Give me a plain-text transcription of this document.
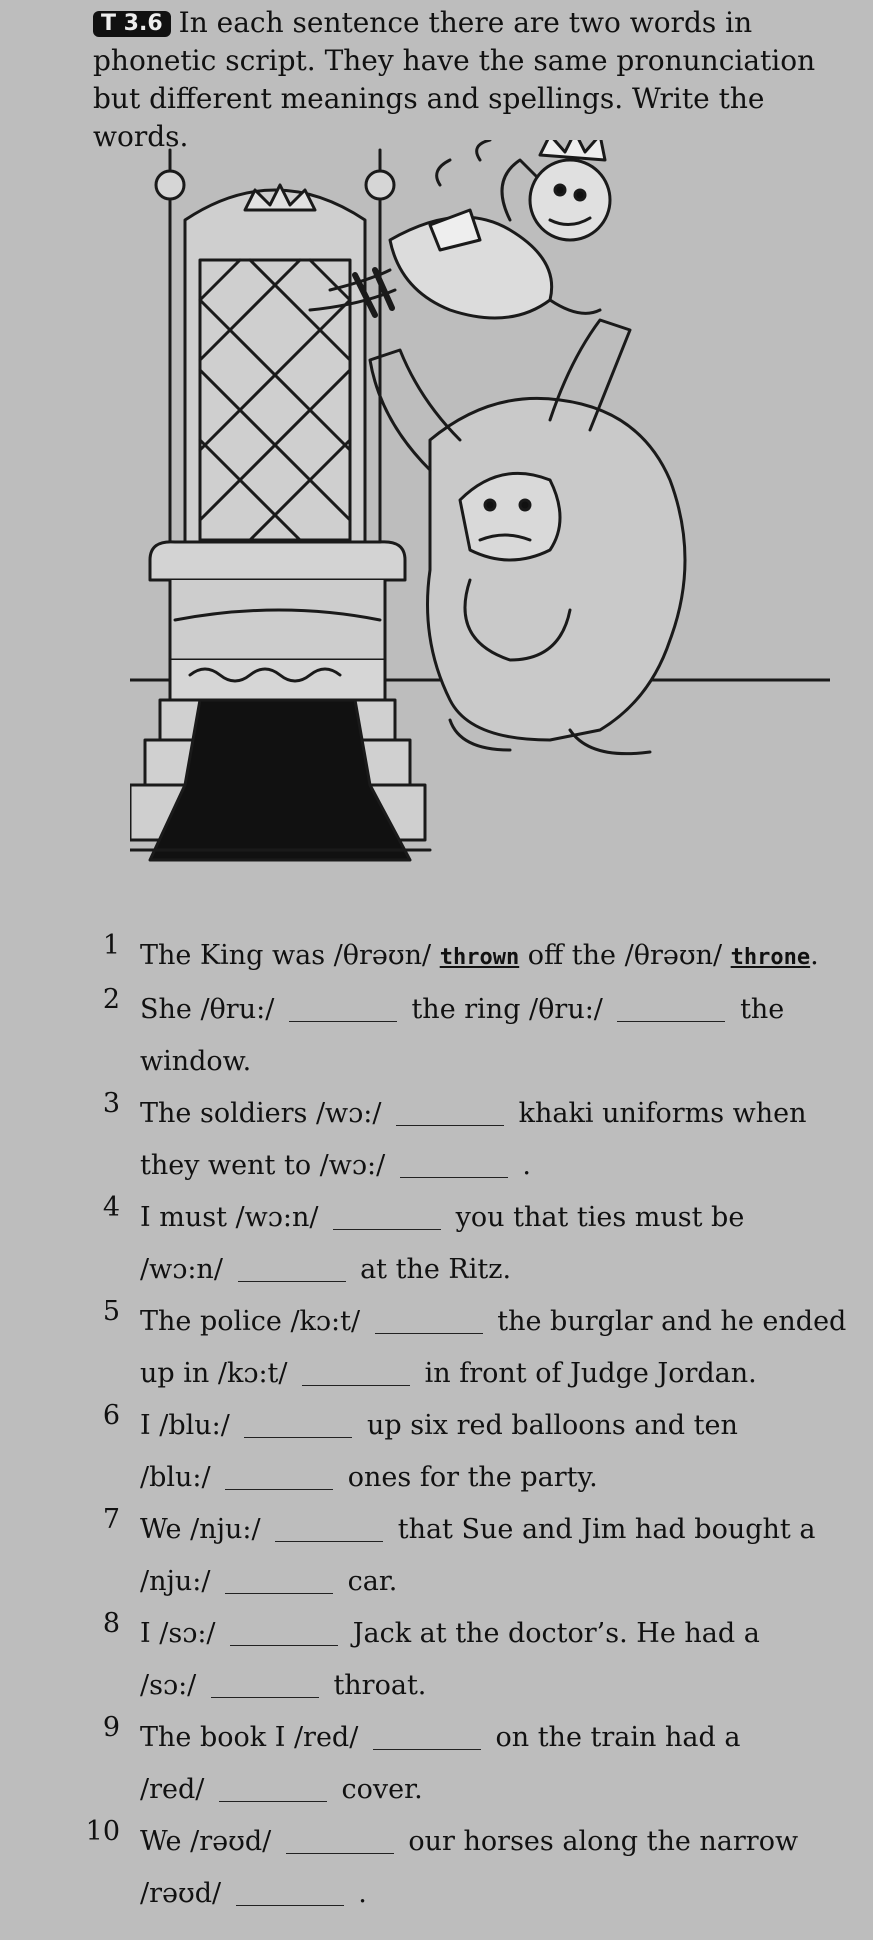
T 3.6 In each sentence there are two words in phonetic script. They have the same pronunciation but different meanings and spellings. Write the words.

1 The King was /θrəʊn/ thrown off the /θrəʊn/ throne.
2 She /θru:/	the ring /θru:/	the
window.
3 The soldiers /wɔ:/	khaki uniforms when
they went to /wɔ:/	.
4 I must /wɔ:n/	you that ties must be
/wɔ:n/	at the Ritz.
5 The police /kɔ:t/	the burglar and he ended
up in /kɔ:t/	in front of Judge Jordan.
6 I /blu:/	up six red balloons and ten
/blu:/	ones for the party.
7 We /nju:/	that Sue and Jim had bought a
/nju:/	car.
8 I /sɔ:/	Jack at the doctor’s. He had a
/sɔ:/	throat.
9 The book I /red/	on the train had a
/red/	cover.
10 We /rəʊd/	our horses along the narrow
/rəʊd/	.
